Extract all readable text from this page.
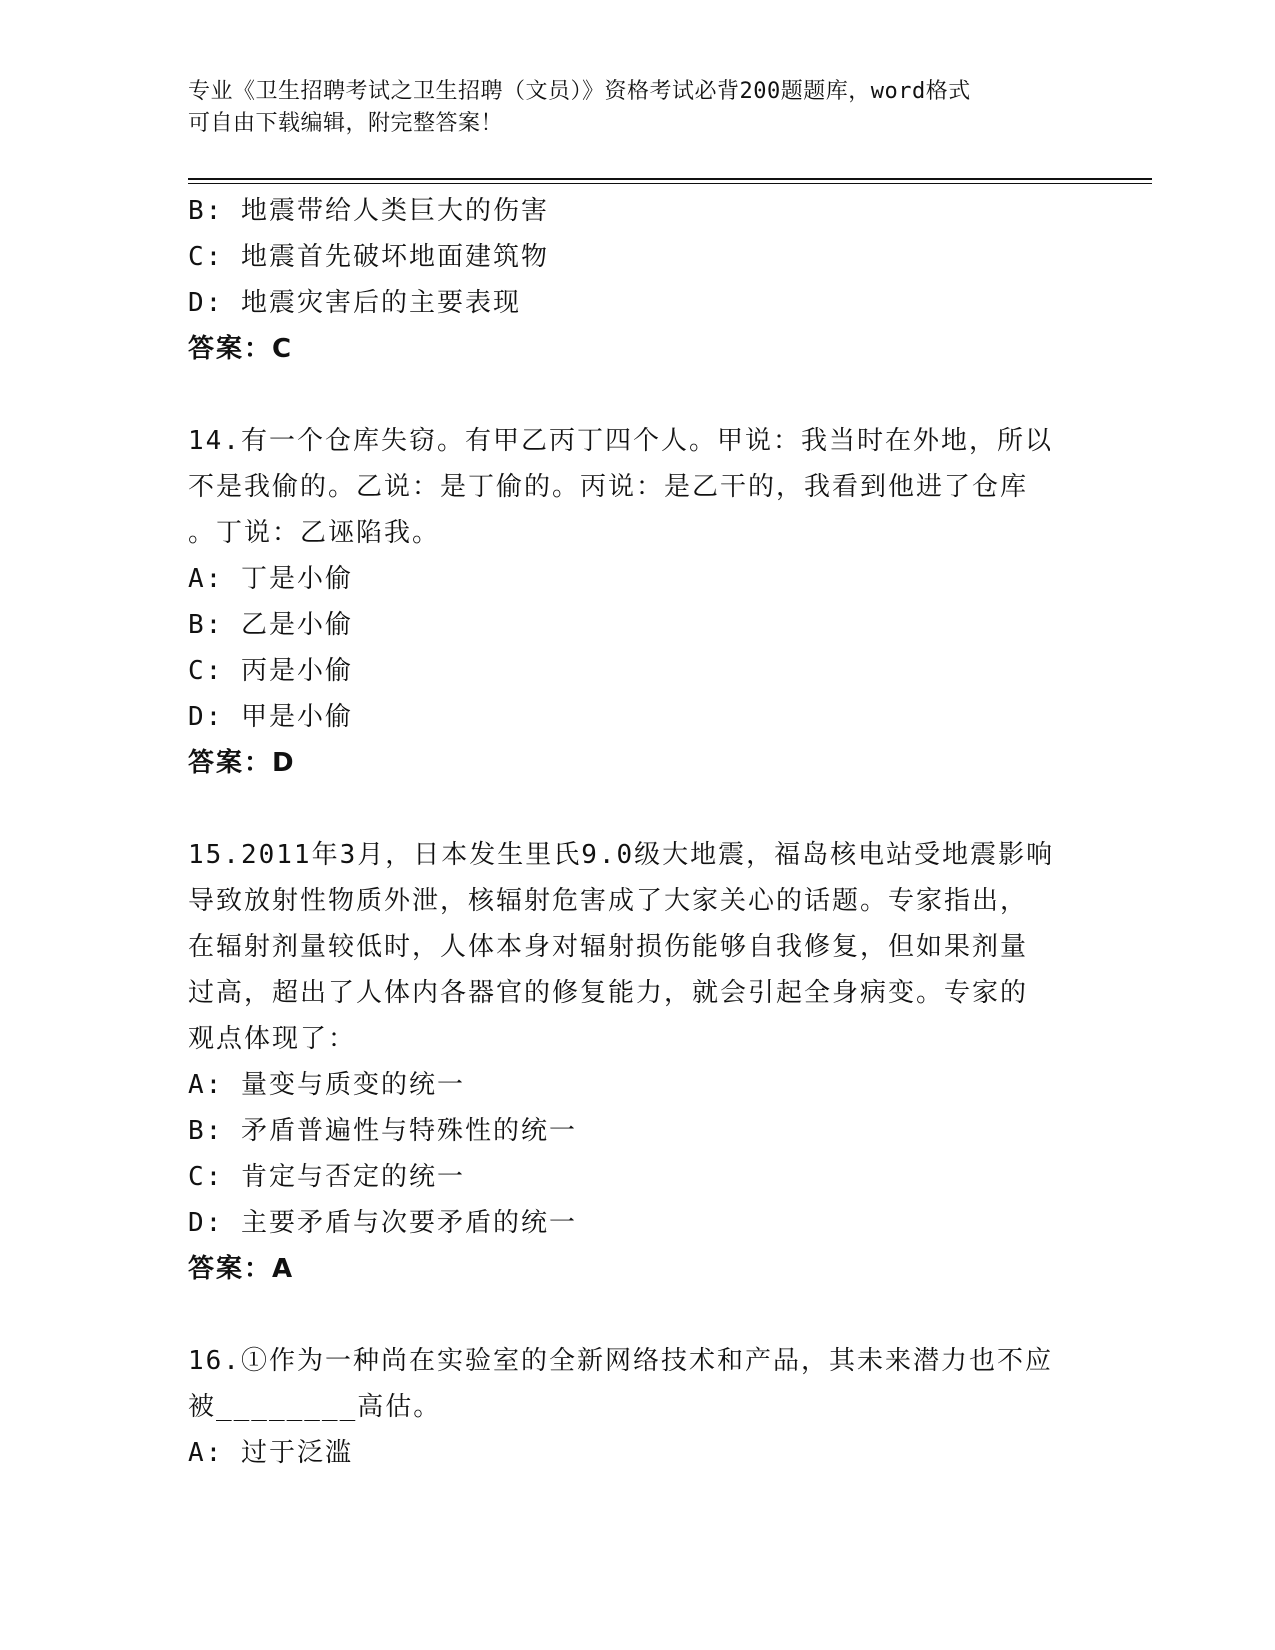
专业《卫生招聘考试之卫生招聘（文员）》资格考试必背200题题库，word格式
可自由下载编辑，附完整答案！
B: 地震带给人类巨大的伤害
C: 地震首先破坏地面建筑物
D: 地震灾害后的主要表现
答案：C
14.有一个仓库失窃。有甲乙丙丁四个人。甲说：我当时在外地，所以
不是我偷的。乙说：是丁偷的。丙说：是乙干的，我看到他进了仓库
。丁说：乙诬陷我。
A: 丁是小偷
B: 乙是小偷
C: 丙是小偷
D: 甲是小偷
答案：D
15.2011年3月，日本发生里氏9.0级大地震，福岛核电站受地震影响
导致放射性物质外泄，核辐射危害成了大家关心的话题。专家指出，
在辐射剂量较低时，人体本身对辐射损伤能够自我修复，但如果剂量
过高，超出了人体内各器官的修复能力，就会引起全身病变。专家的
观点体现了：
A: 量变与质变的统一
B: 矛盾普遍性与特殊性的统一
C: 肯定与否定的统一
D: 主要矛盾与次要矛盾的统一
答案：A
16.①作为一种尚在实验室的全新网络技术和产品，其未来潜力也不应
被________高估。
A: 过于泛滥
